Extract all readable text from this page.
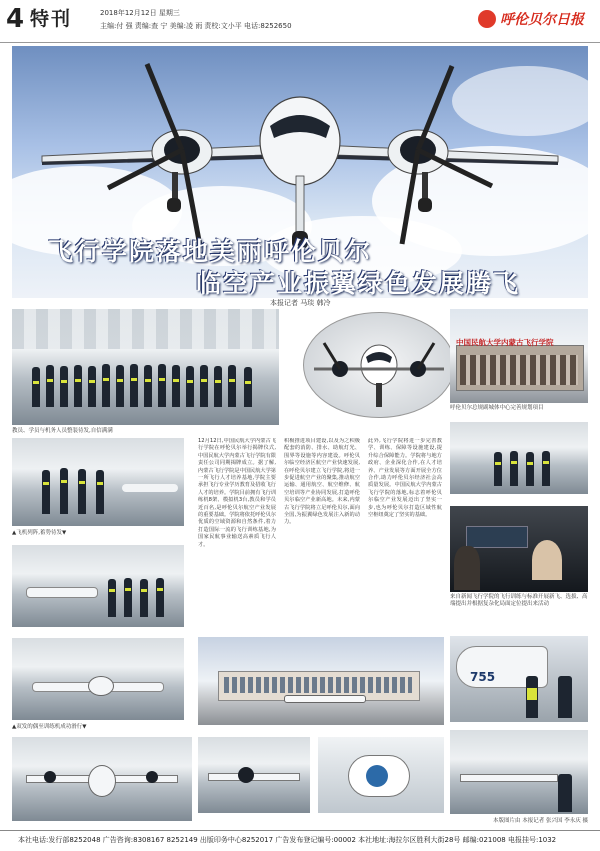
4 特刊	2018年12月12日 星期三
主编:付 强 责编:查 宁 美编:凌 雨 责校:文小平 电话:8252650	呼伦贝尔日报
飞行学院落地美丽呼伦贝尔
临空产业振翼绿色发展腾飞
本报记者 马琰 韩冷
教员、学员与机务人员整装待发,自信满满
中国民航大学内蒙古飞行学院
呼伦贝尔总规副城体中心完善规划项目
▲飞机列阵,蓄势待发▼
▲双发的偶至训练机成功滑行▼
12月12日,中国民航大学内蒙古飞行学院在呼伦贝尔举行揭牌仪式,中国民航大学内蒙古飞行学院有限责任公司同期揭牌成立。据了解,内蒙古飞行学院是中国民航大学第一所飞行人才培养基地,学院主要承担飞行专业学历教育及招收飞行人才的培养。学院目前拥有飞行训练机8架、模拟机3台,教员和学员近百名,是呼伦贝尔航空产业发展的重要基础。学院将依托呼伦贝尔优质的空域资源和自然条件,着力打造国际一流的飞行训练基地,为国家民航事业输送高素质飞行人才。
积极推进项目建设,以及为之积极配套的消防、排水、助航灯光、围界等设施等内容建设。呼伦贝尔临空经济区航空产业快速发展,在呼伦贝尔建立飞行学院,将进一步促进航空产业的聚集,推动航空运输、通用航空、航空维修、航空培训等产业协同发展,打造呼伦贝尔临空产业新高地。未来,内蒙古飞行学院将立足呼伦贝尔,面向全国,为振翼绿色发展注入新的动力。
此外,飞行学院将进一步完善教学、训练、保障等设施建设,提升综合保障能力。学院将与地方政府、企业深化合作,在人才培养、产业发展等方面开展全方位合作,助力呼伦贝尔经济社会高质量发展。中国民航大学内蒙古飞行学院的落地,标志着呼伦贝尔临空产业发展迈出了坚实一步,也为呼伦贝尔打造区域性航空枢纽奠定了坚实的基础。
来自新闻飞行学院的飞行训练与标准开展新飞、选拔、高端提出并根据复杂化局面定位提出来活动
755
本版图片由 本报记者 张兴国 李永庆 摄
本社电话:发行部8252048 广告咨询:8308167 8252149 出版印务中心8252017 广告发布登记编号:00002 本社地址:海拉尔区胜利大街28号 邮编:021008 电报挂号:1032
